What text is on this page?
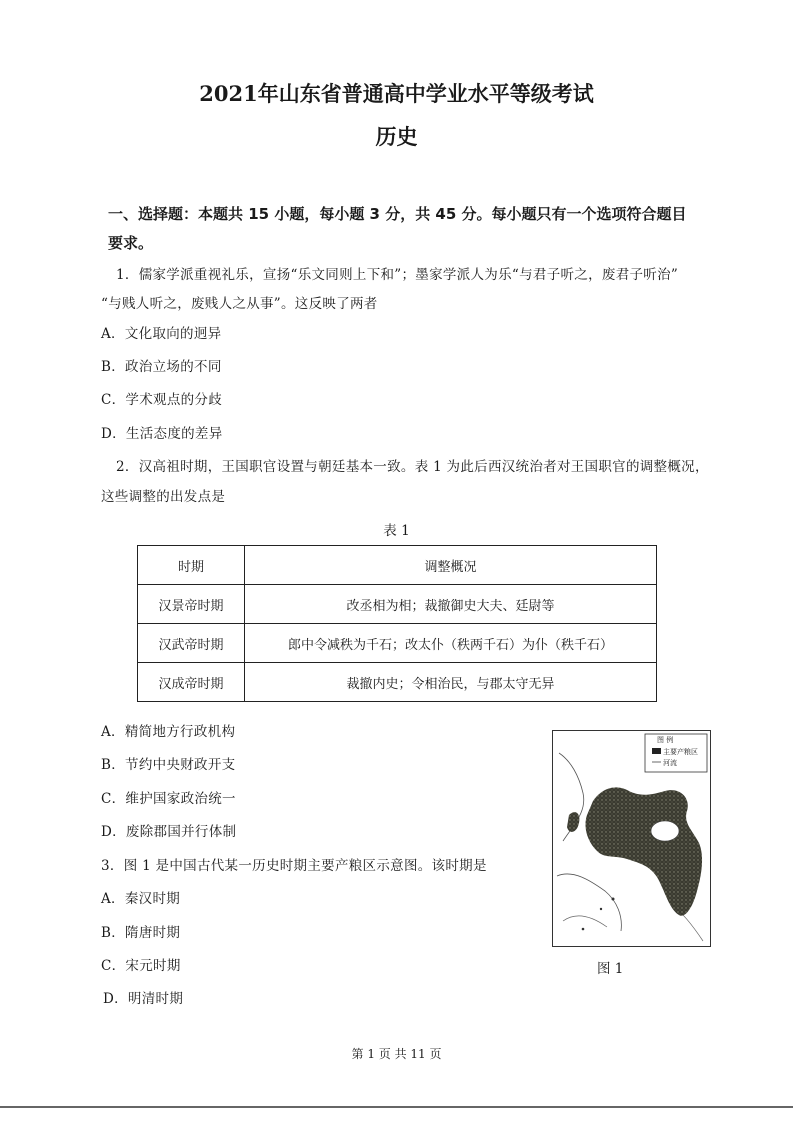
2021年山东省普通高中学业水平等级考试
历史
一、选择题：本题共 15 小题，每小题 3 分，共 45 分。每小题只有一个选项符合题目
要求。
1．儒家学派重视礼乐，宣扬“乐文同则上下和”；墨家学派人为乐“与君子听之，废君子听治”
“与贱人听之，废贱人之从事”。这反映了两者
A．文化取向的迥异
B．政治立场的不同
C．学术观点的分歧
D．生活态度的差异
2．汉高祖时期，王国职官设置与朝廷基本一致。表 1 为此后西汉统治者对王国职官的调整概况，
这些调整的出发点是
表 1
时期	调整概况
汉景帝时期	改丞相为相；裁撤御史大夫、廷尉等
汉武帝时期	郎中令减秩为千石；改太仆（秩两千石）为仆（秩千石）
汉成帝时期	裁撤内史；令相治民，与郡太守无异
A．精简地方行政机构
B．节约中央财政开支
C．维护国家政治统一
D．废除郡国并行体制
3．图 1 是中国古代某一历史时期主要产粮区示意图。该时期是
A．秦汉时期
B．隋唐时期
C．宋元时期
D．明清时期
图 例
主要产粮区
河流
图 1
第 1 页 共 11 页
